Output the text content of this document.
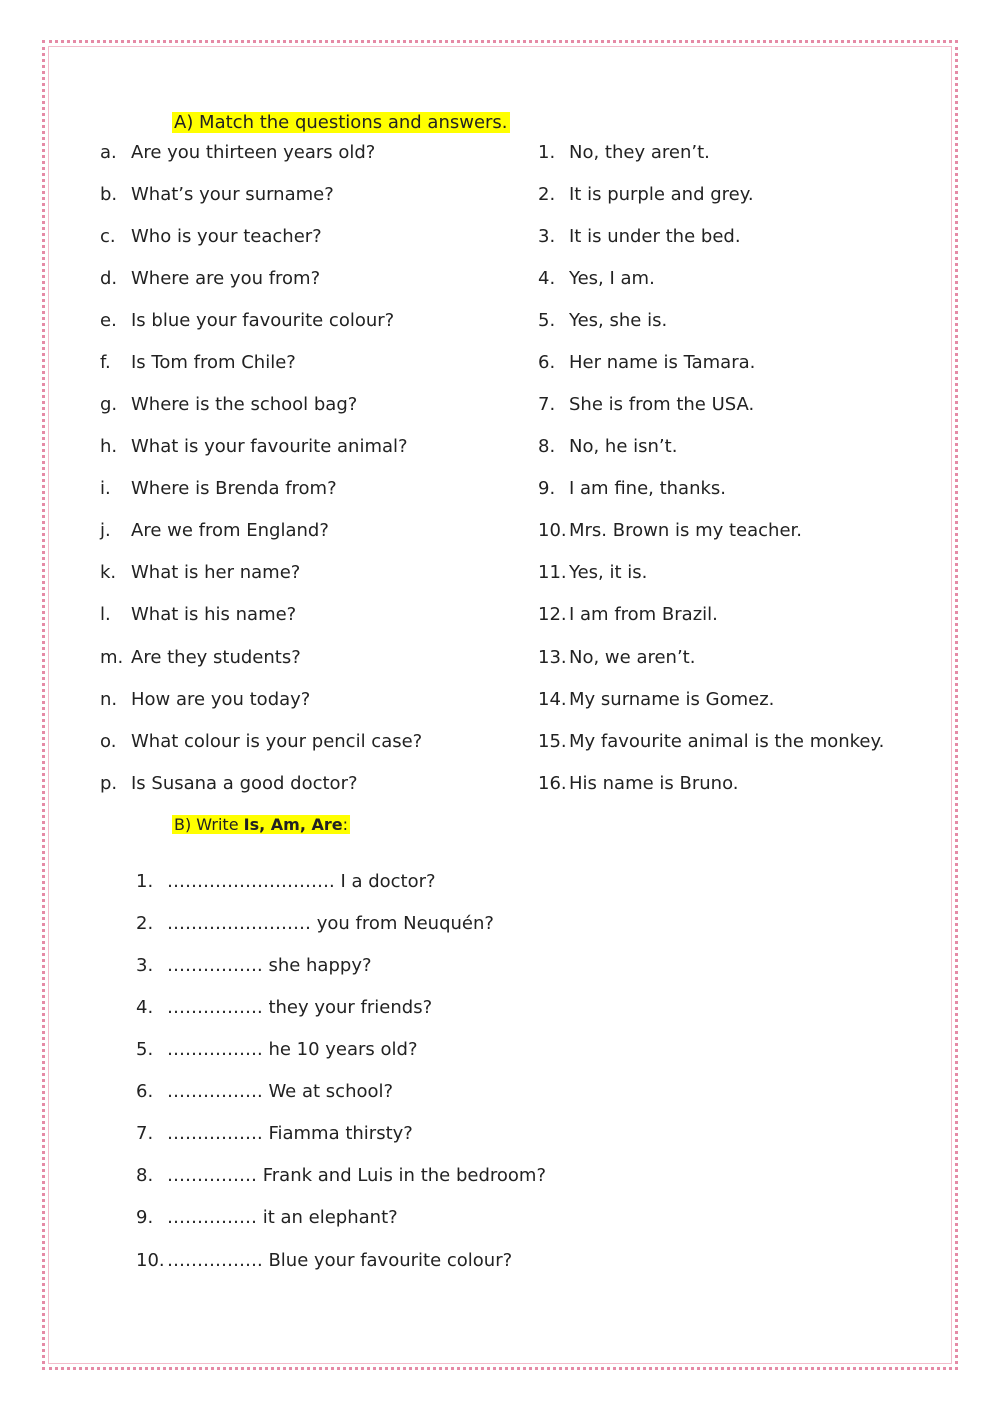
A) Match the questions and answers.
a. Are you thirteen years old?
b. What’s your surname?
c. Who is your teacher?
d. Where are you from?
e. Is blue your favourite colour?
f. Is Tom from Chile?
g. Where is the school bag?
h. What is your favourite animal?
i. Where is Brenda from?
j. Are we from England?
k. What is her name?
l. What is his name?
m. Are they students?
n. How are you today?
o. What colour is your pencil case?
p. Is Susana a good doctor?
1. No, they aren’t.
2. It is purple and grey.
3. It is under the bed.
4. Yes, I am.
5. Yes, she is.
6. Her name is Tamara.
7. She is from the USA.
8. No, he isn’t.
9. I am fine, thanks.
10. Mrs. Brown is my teacher.
11. Yes, it is.
12. I am from Brazil.
13. No, we aren’t.
14. My surname is Gomez.
15. My favourite animal is the monkey.
16. His name is Bruno.
B) Write Is, Am, Are:
1. ………………………. I a doctor?
2. …………………… you from Neuquén?
3. ……………. she happy?
4. ……………. they your friends?
5. ……………. he 10 years old?
6. ……………. We at school?
7. ……………. Fiamma thirsty?
8. …………… Frank and Luis in the bedroom?
9. …………… it an elephant?
10. ……………. Blue your favourite colour?
